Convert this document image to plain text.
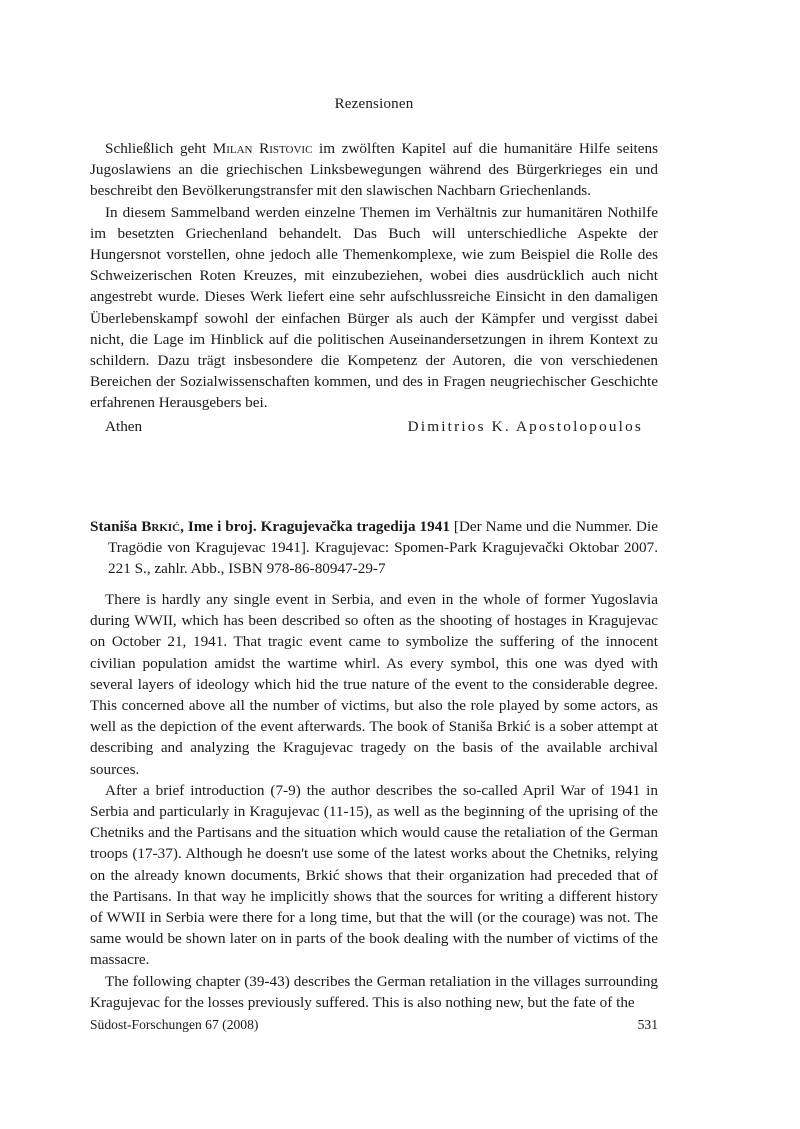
Rezensionen

Schließlich geht Milan Ristovic im zwölften Kapitel auf die humanitäre Hilfe seitens Jugoslawiens an die griechischen Linksbewegungen während des Bürgerkrieges ein und beschreibt den Bevölkerungstransfer mit den slawischen Nachbarn Griechenlands.

In diesem Sammelband werden einzelne Themen im Verhältnis zur humanitären Nothilfe im besetzten Griechenland behandelt. Das Buch will unterschiedliche Aspekte der Hungersnot vorstellen, ohne jedoch alle Themenkomplexe, wie zum Beispiel die Rolle des Schweizerischen Roten Kreuzes, mit einzubeziehen, wobei dies ausdrücklich auch nicht angestrebt wurde. Dieses Werk liefert eine sehr aufschlussreiche Einsicht in den damaligen Überlebenskampf sowohl der einfachen Bürger als auch der Kämpfer und vergisst dabei nicht, die Lage im Hinblick auf die politischen Auseinandersetzungen in ihrem Kontext zu schildern. Dazu trägt insbesondere die Kompetenz der Autoren, die von verschiedenen Bereichen der Sozialwissenschaften kommen, und des in Fragen neugriechischer Geschichte erfahrenen Herausgebers bei.

Athen	Dimitrios K. Apostolopoulos
Staniša Brkić, Ime i broj. Kragujevačka tragedija 1941 [Der Name und die Nummer. Die Tragödie von Kragujevac 1941]. Kragujevac: Spomen-Park Kragujevački Oktobar 2007. 221 S., zahlr. Abb., ISBN 978-86-80947-29-7

There is hardly any single event in Serbia, and even in the whole of former Yugoslavia during WWII, which has been described so often as the shooting of hostages in Kragujevac on October 21, 1941. That tragic event came to symbolize the suffering of the innocent civilian population amidst the wartime whirl. As every symbol, this one was dyed with several layers of ideology which hid the true nature of the event to the considerable degree. This concerned above all the number of victims, but also the role played by some actors, as well as the depiction of the event afterwards. The book of Staniša Brkić is a sober attempt at describing and analyzing the Kragujevac tragedy on the basis of the available archival sources.

After a brief introduction (7-9) the author describes the so-called April War of 1941 in Serbia and particularly in Kragujevac (11-15), as well as the beginning of the uprising of the Chetniks and the Partisans and the situation which would cause the retaliation of the German troops (17-37). Although he doesn't use some of the latest works about the Chetniks, relying on the already known documents, Brkić shows that their organization had preceded that of the Partisans. In that way he implicitly shows that the sources for writing a different history of WWII in Serbia were there for a long time, but that the will (or the courage) was not. The same would be shown later on in parts of the book dealing with the number of victims of the massacre.

The following chapter (39-43) describes the German retaliation in the villages surrounding Kragujevac for the losses previously suffered. This is also nothing new, but the fate of the

Südost-Forschungen 67 (2008)	531
